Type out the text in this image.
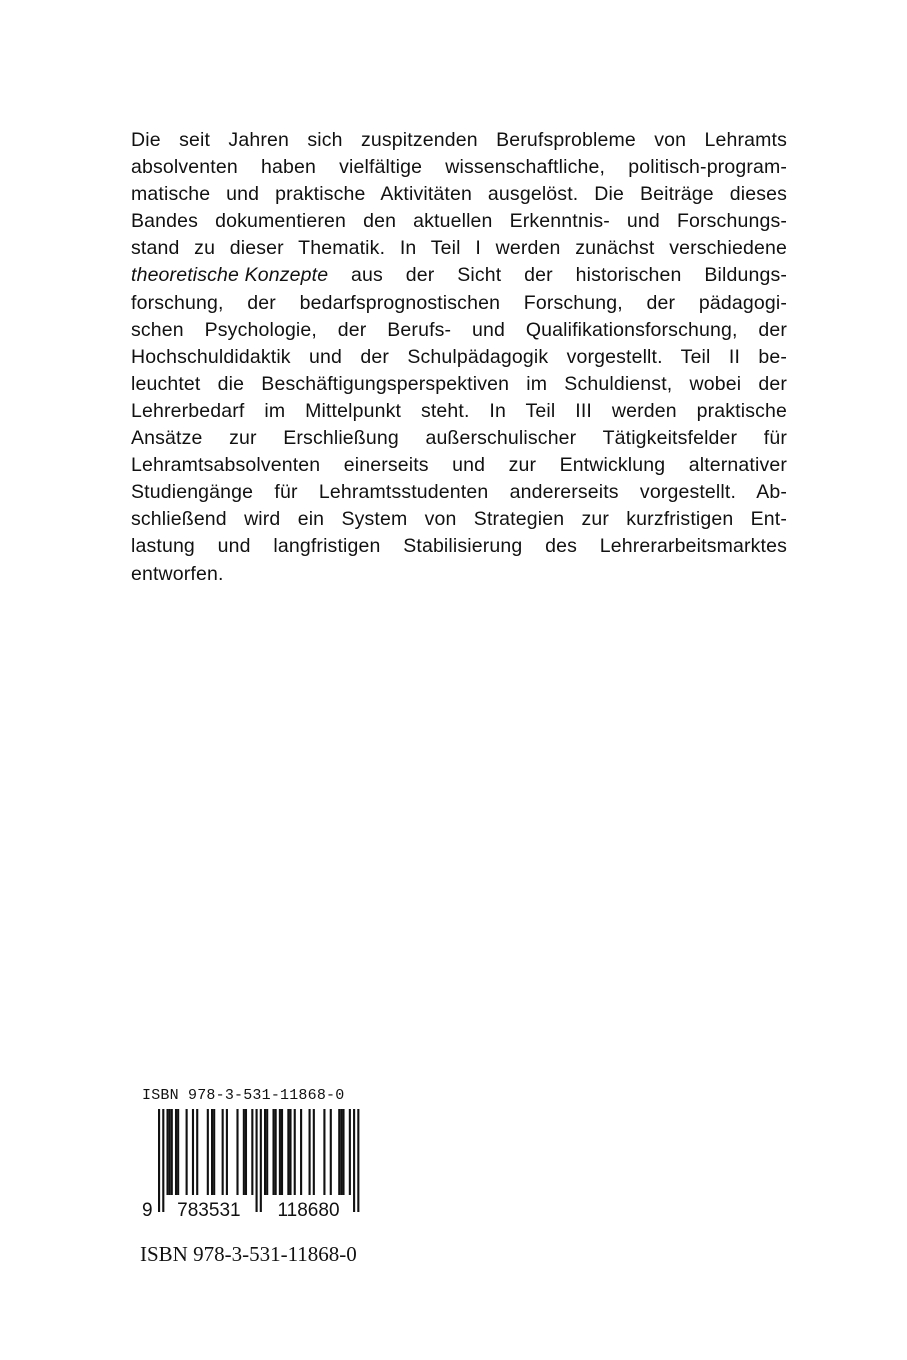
Die seit Jahren sich zuspitzenden Berufsprobleme von Lehramts
absolventen haben vielfältige wissenschaftliche, politisch-program-
matische und praktische Aktivitäten ausgelöst. Die Beiträge dieses
Bandes dokumentieren den aktuellen Erkenntnis- und Forschungs-
stand zu dieser Thematik. In Teil I werden zunächst verschiedene
theoretische Konzepte aus der Sicht der historischen Bildungs-
forschung, der bedarfsprognostischen Forschung, der pädagogi-
schen Psychologie, der Berufs- und Qualifikationsforschung, der
Hochschuldidaktik und der Schulpädagogik vorgestellt. Teil II be-
leuchtet die Beschäftigungsperspektiven im Schuldienst, wobei der
Lehrerbedarf im Mittelpunkt steht. In Teil III werden praktische
Ansätze zur Erschließung außerschulischer Tätigkeitsfelder für
Lehramtsabsolventen einerseits und zur Entwicklung alternativer
Studiengänge für Lehramtsstudenten andererseits vorgestellt. Ab-
schließend wird ein System von Strategien zur kurzfristigen Ent-
lastung und langfristigen Stabilisierung des Lehrerarbeitsmarktes
entworfen.
ISBN 978-3-531-11868-0
9 783531 118680
ISBN 978-3-531-11868-0
